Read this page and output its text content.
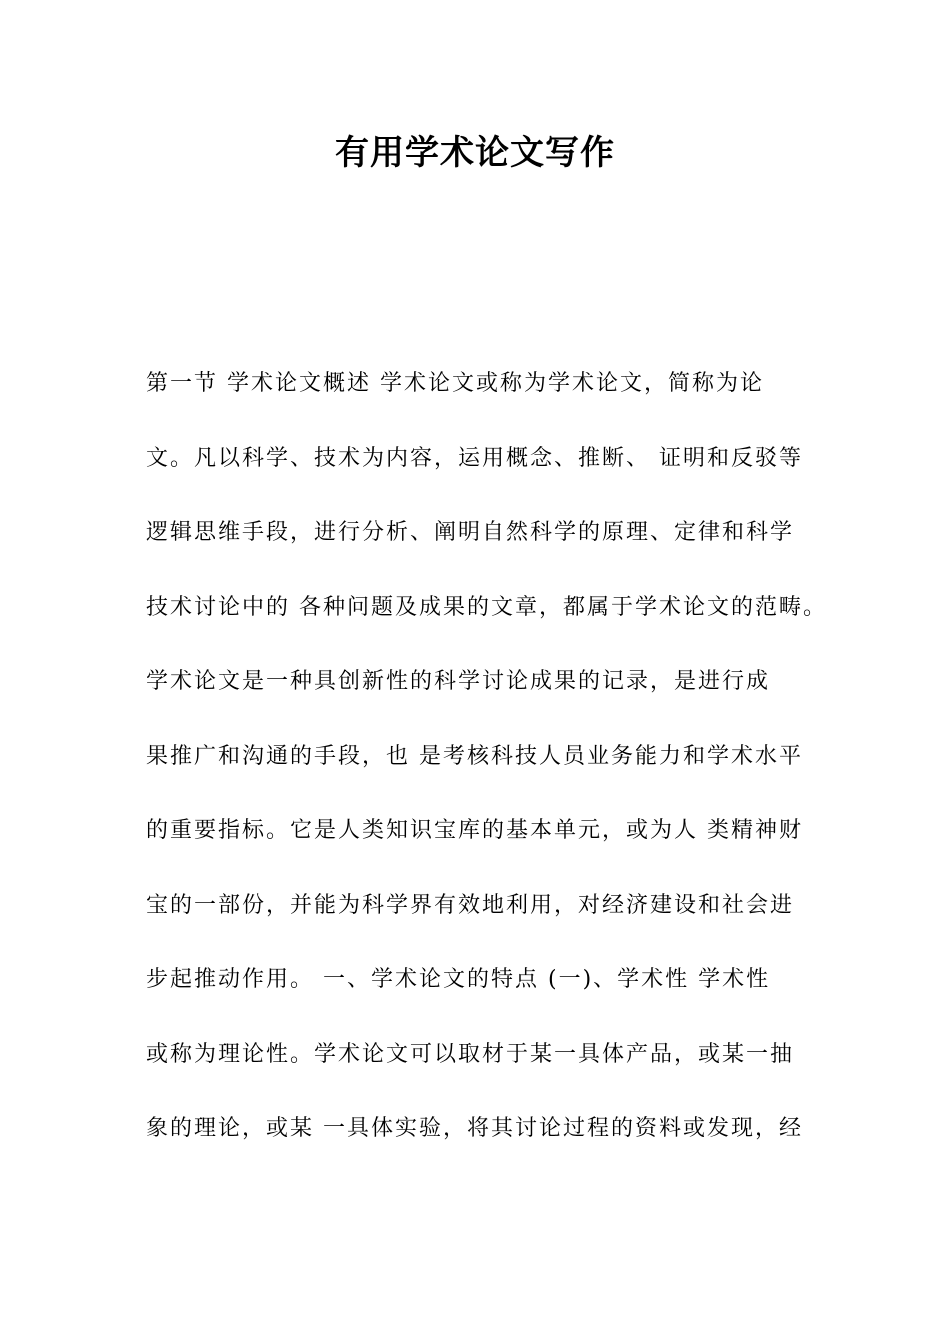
有用学术论文写作
第一节 学术论文概述 学术论文或称为学术论文，简称为论
文。凡以科学、技术为内容，运用概念、推断、 证明和反驳等
逻辑思维手段，进行分析、阐明自然科学的原理、定律和科学
技术讨论中的 各种问题及成果的文章，都属于学术论文的范畴。
学术论文是一种具创新性的科学讨论成果的记录，是进行成
果推广和沟通的手段，也 是考核科技人员业务能力和学术水平
的重要指标。它是人类知识宝库的基本单元，或为人 类精神财
宝的一部份，并能为科学界有效地利用，对经济建设和社会进
步起推动作用。 一、学术论文的特点 (一)、学术性 学术性
或称为理论性。学术论文可以取材于某一具体产品，或某一抽
象的理论，或某 一具体实验，将其讨论过程的资料或发现，经
